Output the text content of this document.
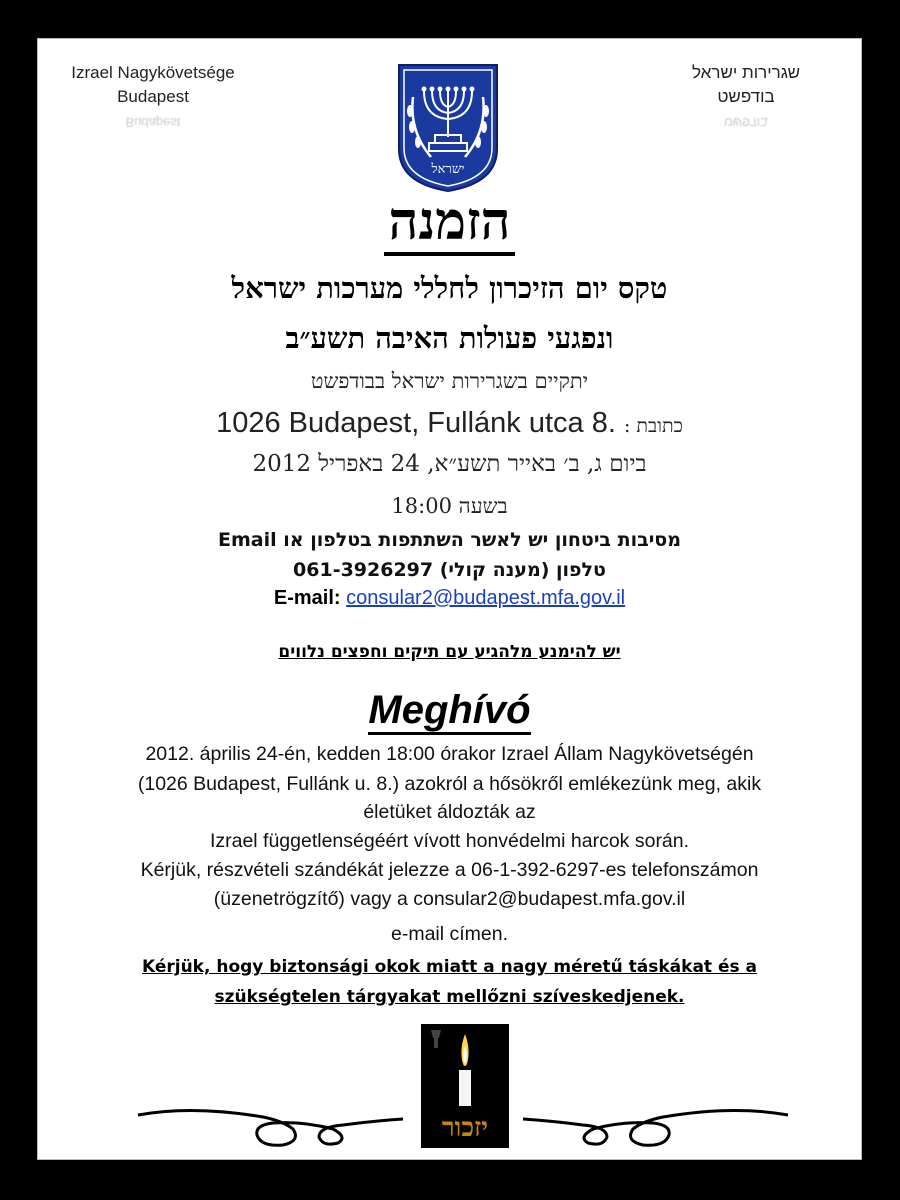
Izrael Nagykövetsége
Budapest
Budapest
שגרירות ישראל
בודפשט
בודפשט
ישראל
הזמנה
טקס יום הזיכרון לחללי מערכות ישראל
ונפגעי פעולות האיבה תשע״ב
יתקיים בשגרירות ישראל בבודפשט
1026 Budapest, Fullánk utca 8. : כתובת
ביום ג, ב׳ באייר תשע״א, 24 באפריל 2012
בשעה 18:00
מסיבות ביטחון יש לאשר השתתפות בטלפון או Email
טלפון (מענה קולי) 061-3926297
E-mail: consular2@budapest.mfa.gov.il
יש להימנע מלהגיע עם תיקים וחפצים נלווים
Meghívó
2012. április 24-én, kedden 18:00 órakor Izrael Állam Nagykövetségén
(1026 Budapest, Fullánk u. 8.) azokról a hősökről emlékezünk meg, akik
életüket áldozták az
Izrael függetlenségéért vívott honvédelmi harcok során.
Kérjük, részvételi szándékát jelezze a 06-1-392-6297-es telefonszámon
(üzenetrögzítő) vagy a consular2@budapest.mfa.gov.il
e-mail címen.
Kérjük, hogy biztonsági okok miatt a nagy méretű táskákat és a
szükségtelen tárgyakat mellőzni szíveskedjenek.
יזכור
